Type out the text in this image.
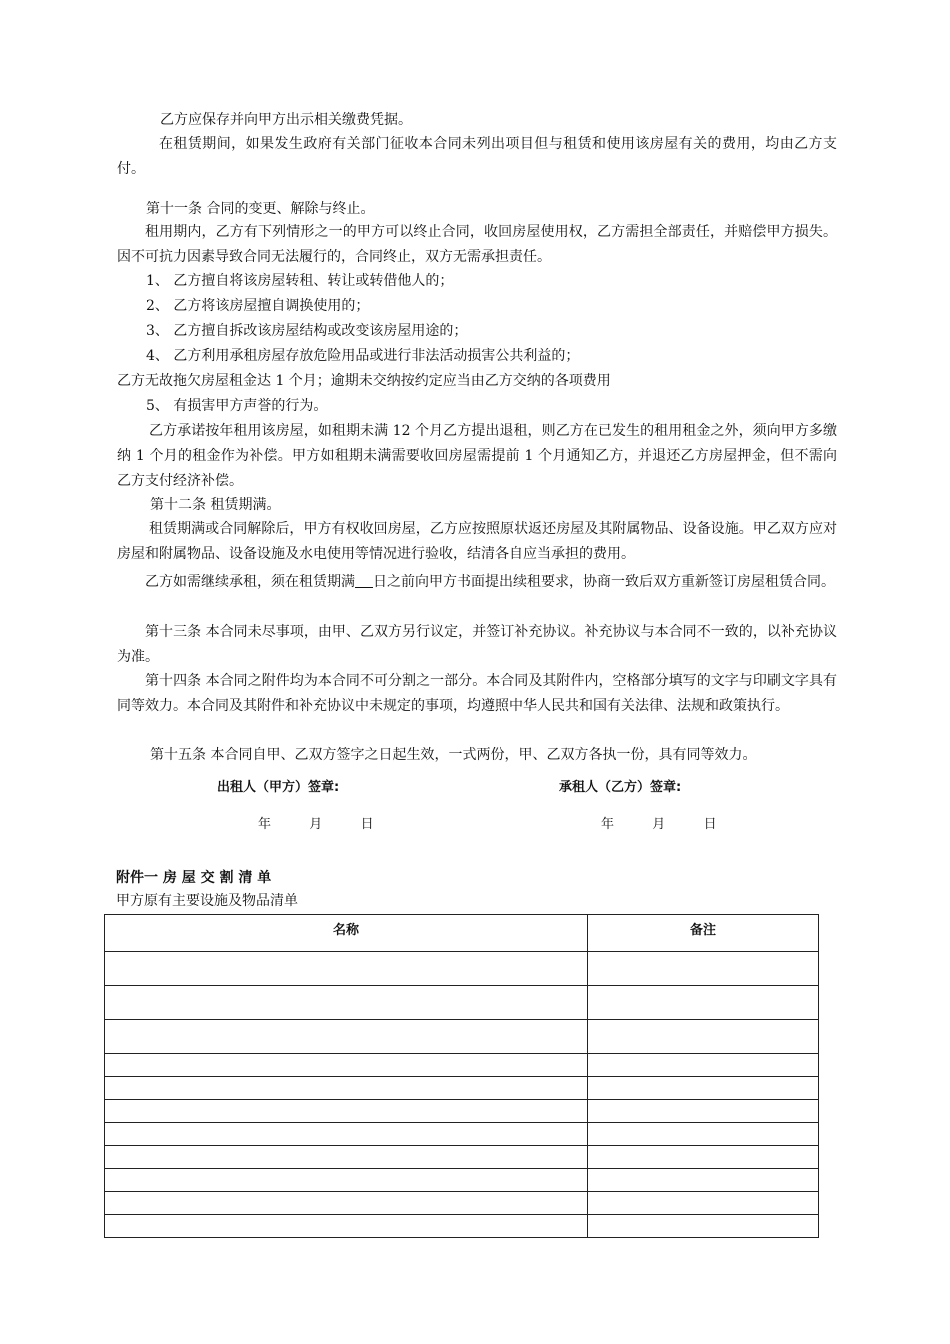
乙方应保存并向甲方出示相关缴费凭据。
在租赁期间，如果发生政府有关部门征收本合同未列出项目但与租赁和使用该房屋有关的费用，均由乙方支付。
第十一条 合同的变更、解除与终止。
租用期内，乙方有下列情形之一的甲方可以终止合同，收回房屋使用权，乙方需担全部责任，并赔偿甲方损失。因不可抗力因素导致合同无法履行的，合同终止，双方无需承担责任。
1、 乙方擅自将该房屋转租、转让或转借他人的；
2、 乙方将该房屋擅自调换使用的；
3、 乙方擅自拆改该房屋结构或改变该房屋用途的；
4、 乙方利用承租房屋存放危险用品或进行非法活动损害公共利益的；
乙方无故拖欠房屋租金达 1 个月；逾期未交纳按约定应当由乙方交纳的各项费用
5、 有损害甲方声誉的行为。
乙方承诺按年租用该房屋，如租期未满 12 个月乙方提出退租，则乙方在已发生的租用租金之外，须向甲方多缴纳 1 个月的租金作为补偿。甲方如租期未满需要收回房屋需提前 1 个月通知乙方，并退还乙方房屋押金，但不需向乙方支付经济补偿。
第十二条 租赁期满。
租赁期满或合同解除后，甲方有权收回房屋，乙方应按照原状返还房屋及其附属物品、设备设施。甲乙双方应对房屋和附属物品、设备设施及水电使用等情况进行验收，结清各自应当承担的费用。
乙方如需继续承租，须在租赁期满 日之前向甲方书面提出续租要求，协商一致后双方重新签订房屋租赁合同。
第十三条 本合同未尽事项，由甲、乙双方另行议定，并签订补充协议。补充协议与本合同不一致的，以补充协议为准。
第十四条 本合同之附件均为本合同不可分割之一部分。本合同及其附件内，空格部分填写的文字与印刷文字具有同等效力。本合同及其附件和补充协议中未规定的事项，均遵照中华人民共和国有关法律、法规和政策执行。
第十五条 本合同自甲、乙双方签字之日起生效，一式两份，甲、乙双方各执一份，具有同等效力。
出租人（甲方）签章:	承租人（乙方）签章:
年	月	日	年	月	日
附件一 房 屋 交 割 清 单
甲方原有主要设施及物品清单
名称	备注
